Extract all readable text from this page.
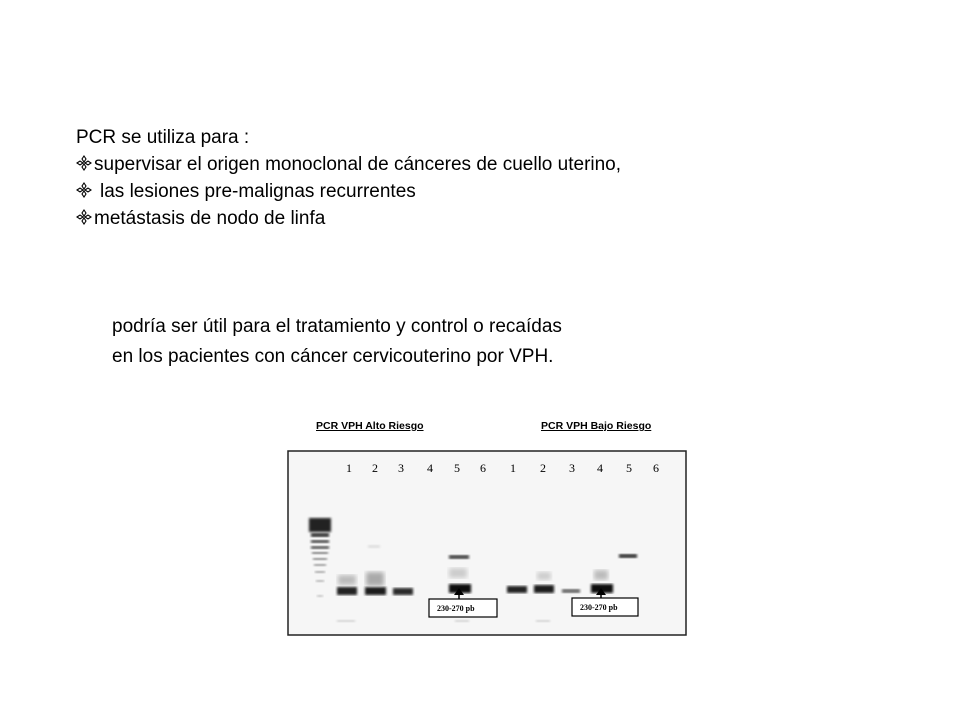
PCR se utiliza para :
supervisar el origen monoclonal de cánceres de cuello uterino,
las lesiones pre-malignas recurrentes
metástasis de nodo de linfa
podría ser útil para el tratamiento y control o recaídas
en los pacientes con cáncer cervicouterino por VPH.
PCR VPH Alto Riesgo	PCR VPH Bajo Riesgo
1 2 3 4 5 6 1 2 3 4 5 6
230-270 pb	230-270 pb
